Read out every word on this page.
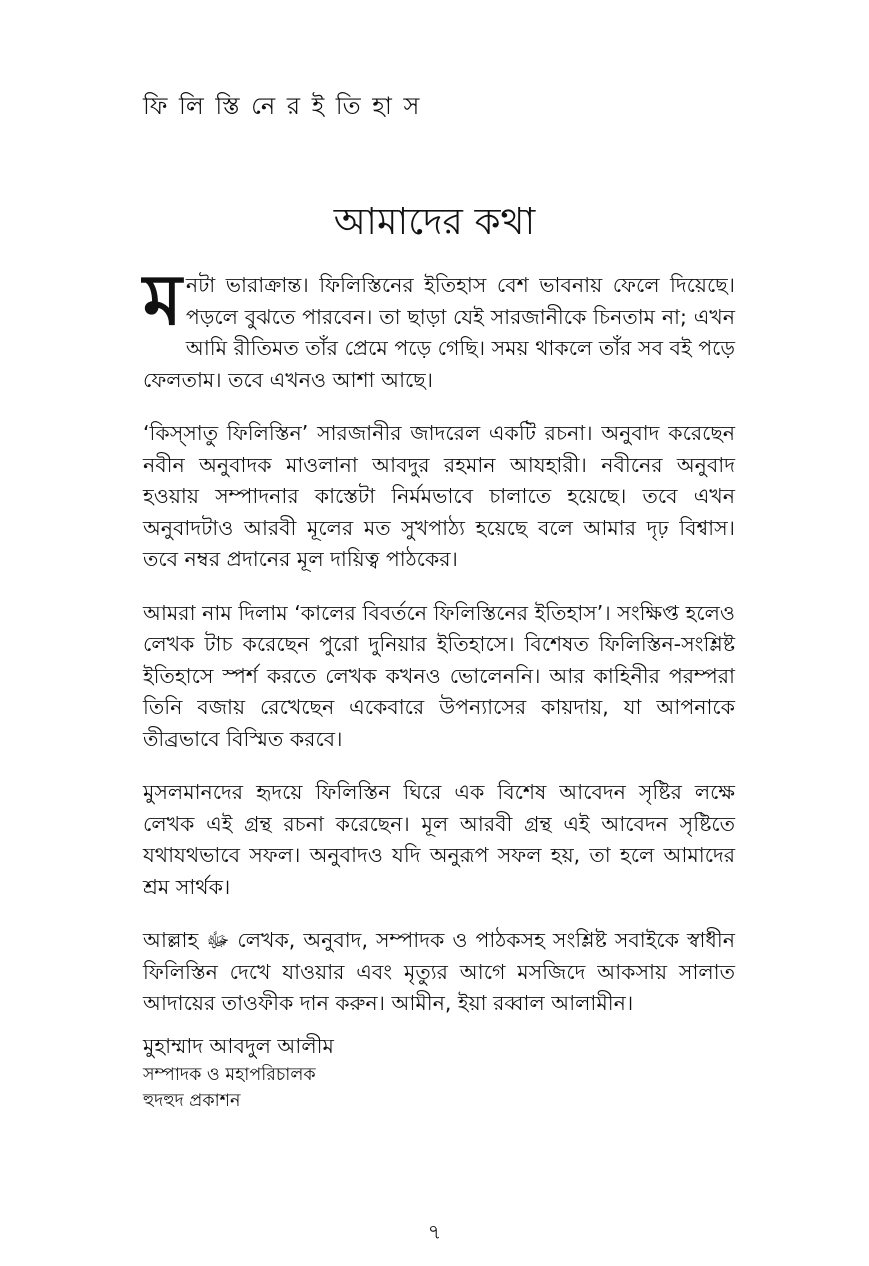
ফি লি স্তি নে র ই তি হা স
আমাদের কথা

মনটা ভারাক্রান্ত। ফিলিস্তিনের ইতিহাস বেশ ভাবনায় ফেলে দিয়েছে। পড়লে বুঝতে পারবেন। তা ছাড়া যেই সারজানীকে চিনতাম না; এখন আমি রীতিমত তাঁর প্রেমে পড়ে গেছি। সময় থাকলে তাঁর সব বই পড়ে ফেলতাম। তবে এখনও আশা আছে।

‘কিস্সাতু ফিলিস্তিন’ সারজানীর জাদরেল একটি রচনা। অনুবাদ করেছেন নবীন অনুবাদক মাওলানা আবদুর রহমান আযহারী। নবীনের অনুবাদ হওয়ায় সম্পাদনার কাস্তেটা নির্মমভাবে চালাতে হয়েছে। তবে এখন অনুবাদটাও আরবী মূলের মত সুখপাঠ্য হয়েছে বলে আমার দৃঢ় বিশ্বাস। তবে নম্বর প্রদানের মূল দায়িত্ব পাঠকের।

আমরা নাম দিলাম ‘কালের বিবর্তনে ফিলিস্তিনের ইতিহাস’। সংক্ষিপ্ত হলেও লেখক টাচ করেছেন পুরো দুনিয়ার ইতিহাসে। বিশেষত ফিলিস্তিন-সংশ্লিষ্ট ইতিহাসে স্পর্শ করতে লেখক কখনও ভোলেননি। আর কাহিনীর পরম্পরা তিনি বজায় রেখেছেন একেবারে উপন্যাসের কায়দায়, যা আপনাকে তীব্রভাবে বিস্মিত করবে।

মুসলমানদের হৃদয়ে ফিলিস্তিন ঘিরে এক বিশেষ আবেদন সৃষ্টির লক্ষে লেখক এই গ্রন্থ রচনা করেছেন। মূল আরবী গ্রন্থ এই আবেদন সৃষ্টিতে যথাযথভাবে সফল। অনুবাদও যদি অনুরূপ সফল হয়, তা হলে আমাদের শ্রম সার্থক।

আল্লাহ ﷻ লেখক, অনুবাদ, সম্পাদক ও পাঠকসহ সংশ্লিষ্ট সবাইকে স্বাধীন ফিলিস্তিন দেখে যাওয়ার এবং মৃত্যুর আগে মসজিদে আকসায় সালাত আদায়ের তাওফীক দান করুন। আমীন, ইয়া রব্বাল আলামীন।

মুহাম্মাদ আবদুল আলীম
সম্পাদক ও মহাপরিচালক
হুদহুদ প্রকাশন
৭
